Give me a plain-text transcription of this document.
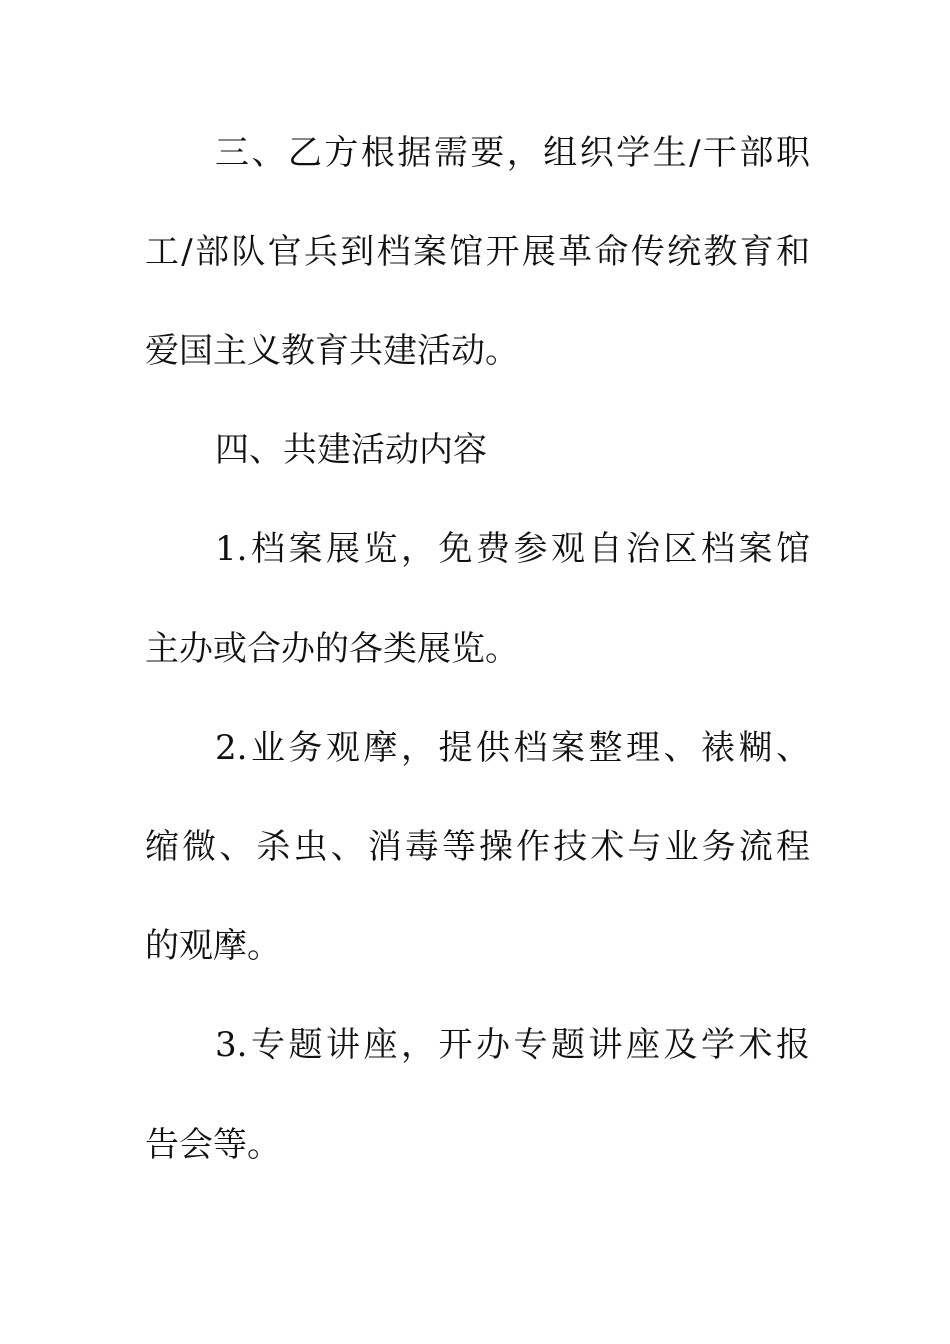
三、乙方根据需要，组织学生/干部职
工/部队官兵到档案馆开展革命传统教育和
爱国主义教育共建活动。
四、共建活动内容
1.档案展览，免费参观自治区档案馆
主办或合办的各类展览。
2.业务观摩，提供档案整理、裱糊、
缩微、杀虫、消毒等操作技术与业务流程
的观摩。
3.专题讲座，开办专题讲座及学术报
告会等。
